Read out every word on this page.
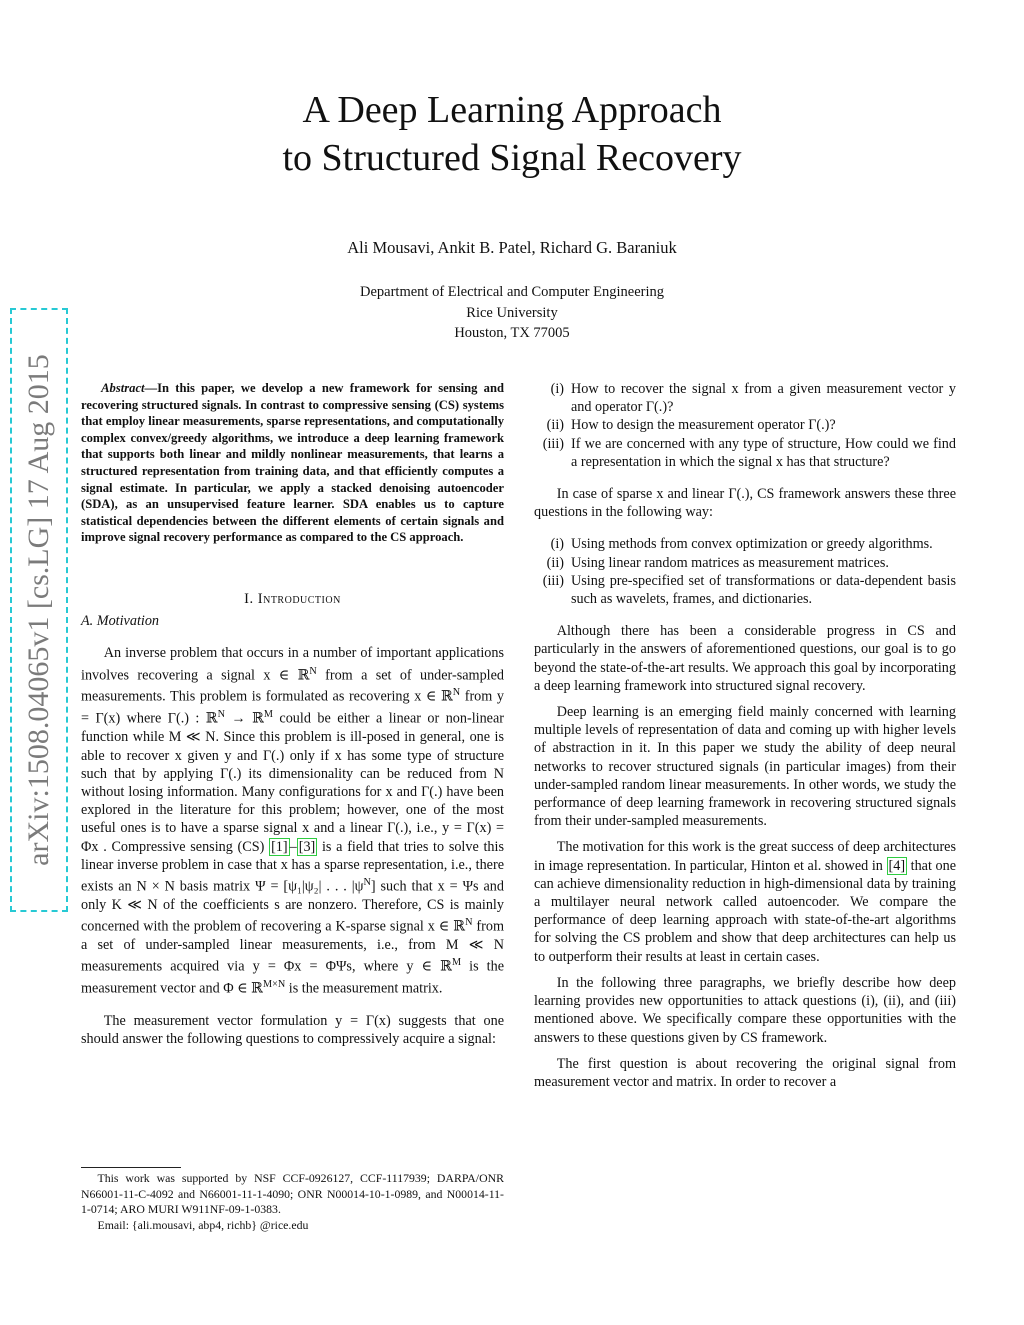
arXiv:1508.04065v1 [cs.LG] 17 Aug 2015
A Deep Learning Approach
to Structured Signal Recovery
Ali Mousavi, Ankit B. Patel, Richard G. Baraniuk
Department of Electrical and Computer Engineering
Rice University
Houston, TX 77005

Abstract—In this paper, we develop a new framework for sensing and recovering structured signals. In contrast to compressive sensing (CS) systems that employ linear measurements, sparse representations, and computationally complex convex/greedy algorithms, we introduce a deep learning framework that supports both linear and mildly nonlinear measurements, that learns a structured representation from training data, and that efficiently computes a signal estimate. In particular, we apply a stacked denoising autoencoder (SDA), as an unsupervised feature learner. SDA enables us to capture statistical dependencies between the different elements of certain signals and improve signal recovery performance as compared to the CS approach.

I. Introduction
A. Motivation

An inverse problem that occurs in a number of important applications involves recovering a signal x ∈ ℝ$^N$ from a set of under-sampled measurements. This problem is formulated as recovering x ∈ ℝ$^N$ from y = Γ(x) where Γ(.) : ℝ$^N$ → ℝ$^M$ could be either a linear or non-linear function while M ≪ N. Since this problem is ill-posed in general, one is able to recover x given y and Γ(.) only if x has some type of structure such that by applying Γ(.) its dimensionality can be reduced from N without losing information. Many configurations for x and Γ(.) have been explored in the literature for this problem; however, one of the most useful ones is to have a sparse signal x and a linear Γ(.), i.e., y = Γ(x) = Φx . Compressive sensing (CS) [1] – [3] is a field that tries to solve this linear inverse problem in case that x has a sparse representation, i.e., there exists an N × N basis matrix Ψ = [ψ₁|ψ₂| . . . $|\psi^N$] such that x = Ψs and only K ≪ N of the coefficients s are nonzero. Therefore, CS is mainly concerned with the problem of recovering a K-sparse signal x ∈ ℝ$^N$ from a set of under-sampled linear measurements, i.e., from M ≪ N measurements acquired via y = Φx = ΦΨs, where y ∈ ℝ$^M$ is the measurement vector and Φ ∈ ℝ$^{M\times N}$ is the measurement matrix.

The measurement vector formulation y = Γ(x) suggests that one should answer the following questions to compressively acquire a signal:

This work was supported by NSF CCF-0926127, CCF-1117939; DARPA/ONR N66001-11-C-4092 and N66001-11-1-4090; ONR N00014-10-1-0989, and N00014-11-1-0714; ARO MURI W911NF-09-1-0383.

Email: {ali.mousavi, abp4, richb} @rice.edu

(i) How to recover the signal x from a given measurement vector y and operator Γ(.)?
(ii) How to design the measurement operator Γ(.)?
(iii) If we are concerned with any type of structure, How could we find a representation in which the signal x has that structure?

In case of sparse x and linear Γ(.), CS framework answers these three questions in the following way:

(i) Using methods from convex optimization or greedy algorithms.
(ii) Using linear random matrices as measurement matrices.
(iii) Using pre-specified set of transformations or data-dependent basis such as wavelets, frames, and dictionaries.

Although there has been a considerable progress in CS and particularly in the answers of aforementioned questions, our goal is to go beyond the state-of-the-art results. We approach this goal by incorporating a deep learning framework into structured signal recovery.

Deep learning is an emerging field mainly concerned with learning multiple levels of representation of data and coming up with higher levels of abstraction in it. In this paper we study the ability of deep neural networks to recover structured signals (in particular images) from their under-sampled random linear measurements. In other words, we study the performance of deep learning framework in recovering structured signals from their under-sampled measurements.

The motivation for this work is the great success of deep architectures in image representation. In particular, Hinton et al. showed in [4] that one can achieve dimensionality reduction in high-dimensional data by training a multilayer neural network called autoencoder. We compare the performance of deep learning approach with state-of-the-art algorithms for solving the CS problem and show that deep architectures can help us to outperform their results at least in certain cases.

In the following three paragraphs, we briefly describe how deep learning provides new opportunities to attack questions (i), (ii), and (iii) mentioned above. We specifically compare these opportunities with the answers to these questions given by CS framework.

The first question is about recovering the original signal from measurement vector and matrix. In order to recover a
